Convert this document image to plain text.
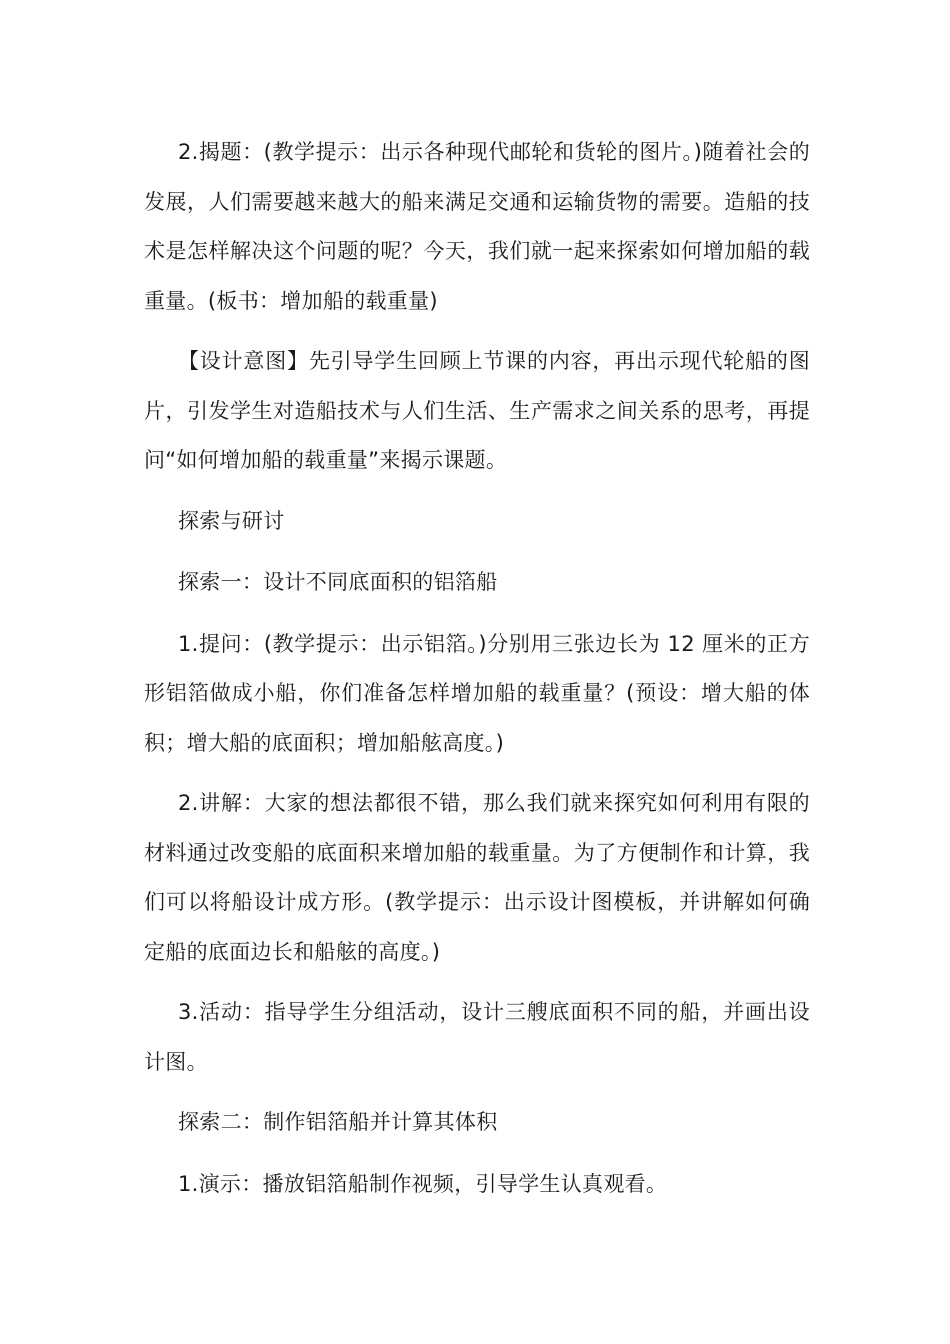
2.揭题：(教学提示：出示各种现代邮轮和货轮的图片。)随着社会的发展，人们需要越来越大的船来满足交通和运输货物的需要。造船的技术是怎样解决这个问题的呢？今天，我们就一起来探索如何增加船的载重量。(板书：增加船的载重量)

【设计意图】先引导学生回顾上节课的内容，再出示现代轮船的图片，引发学生对造船技术与人们生活、生产需求之间关系的思考，再提问“如何增加船的载重量”来揭示课题。

探索与研讨

探索一：设计不同底面积的铝箔船

1.提问：(教学提示：出示铝箔。)分别用三张边长为 12 厘米的正方形铝箔做成小船，你们准备怎样增加船的载重量？(预设：增大船的体积；增大船的底面积；增加船舷高度。)

2.讲解：大家的想法都很不错，那么我们就来探究如何利用有限的材料通过改变船的底面积来增加船的载重量。为了方便制作和计算，我们可以将船设计成方形。(教学提示：出示设计图模板，并讲解如何确定船的底面边长和船舷的高度。)

3.活动：指导学生分组活动，设计三艘底面积不同的船，并画出设计图。

探索二：制作铝箔船并计算其体积

1.演示：播放铝箔船制作视频，引导学生认真观看。
